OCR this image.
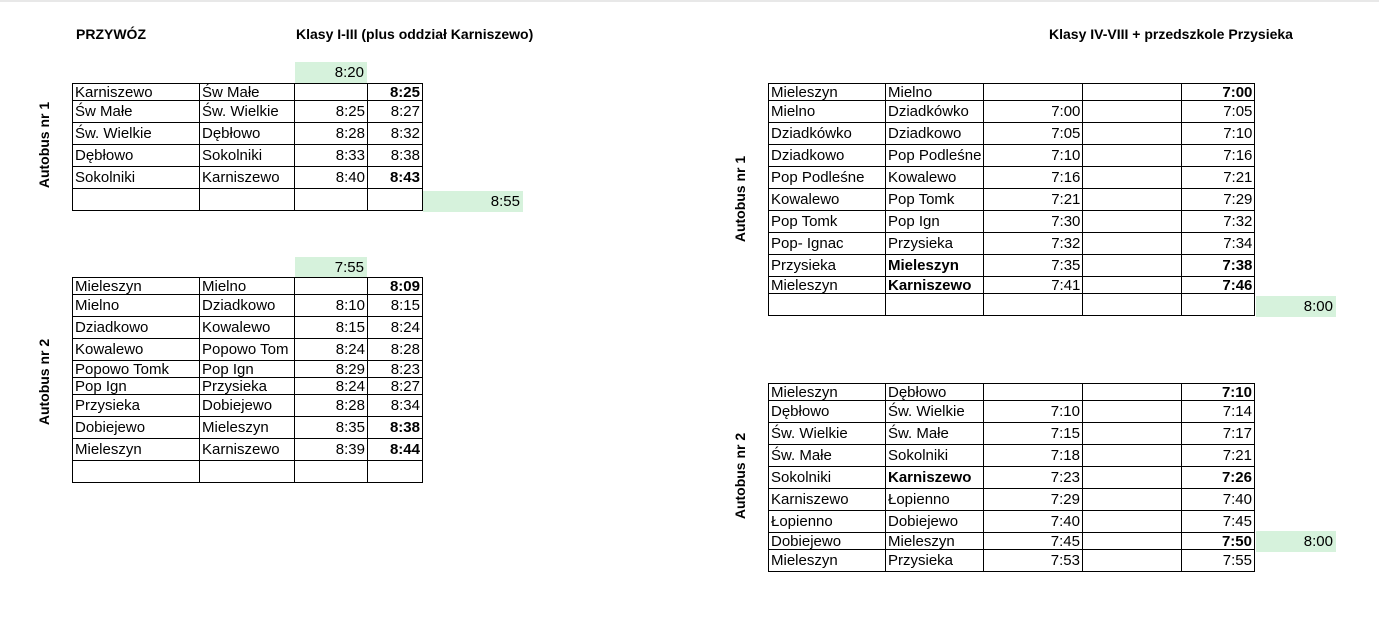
PRZYWÓZ	Klasy I-III (plus oddział Karniszewo)	Klasy IV-VIII + przedszkole Przysieka
Autobus nr 1
Autobus nr 2
Autobus nr 1
Autobus nr 2
8:20
8:55
7:55
8:00
8:00
Karniszewo	Św Małe		8:25
Św Małe	Św. Wielkie	8:25	8:27
Św. Wielkie	Dębłowo	8:28	8:32
Dębłowo	Sokolniki	8:33	8:38
Sokolniki	Karniszewo	8:40	8:43

Mieleszyn	Mielno		8:09
Mielno	Dziadkowo	8:10	8:15
Dziadkowo	Kowalewo	8:15	8:24
Kowalewo	Popowo Tom	8:24	8:28
Popowo Tomk	Pop Ign	8:29	8:23
Pop Ign	Przysieka	8:24	8:27
Przysieka	Dobiejewo	8:28	8:34
Dobiejewo	Mieleszyn	8:35	8:38
Mieleszyn	Karniszewo	8:39	8:44

Mieleszyn	Mielno			7:00
Mielno	Dziadkówko	7:00		7:05
Dziadkówko	Dziadkowo	7:05		7:10
Dziadkowo	Pop Podleśne	7:10		7:16
Pop Podleśne	Kowalewo	7:16		7:21
Kowalewo	Pop Tomk	7:21		7:29
Pop Tomk	Pop Ign	7:30		7:32
Pop- Ignac	Przysieka	7:32		7:34
Przysieka	Mieleszyn	7:35		7:38
Mieleszyn	Karniszewo	7:41		7:46

Mieleszyn	Dębłowo			7:10
Dębłowo	Św. Wielkie	7:10		7:14
Św. Wielkie	Św. Małe	7:15		7:17
Św. Małe	Sokolniki	7:18		7:21
Sokolniki	Karniszewo	7:23		7:26
Karniszewo	Łopienno	7:29		7:40
Łopienno	Dobiejewo	7:40		7:45
Dobiejewo	Mieleszyn	7:45		7:50
Mieleszyn	Przysieka	7:53		7:55
